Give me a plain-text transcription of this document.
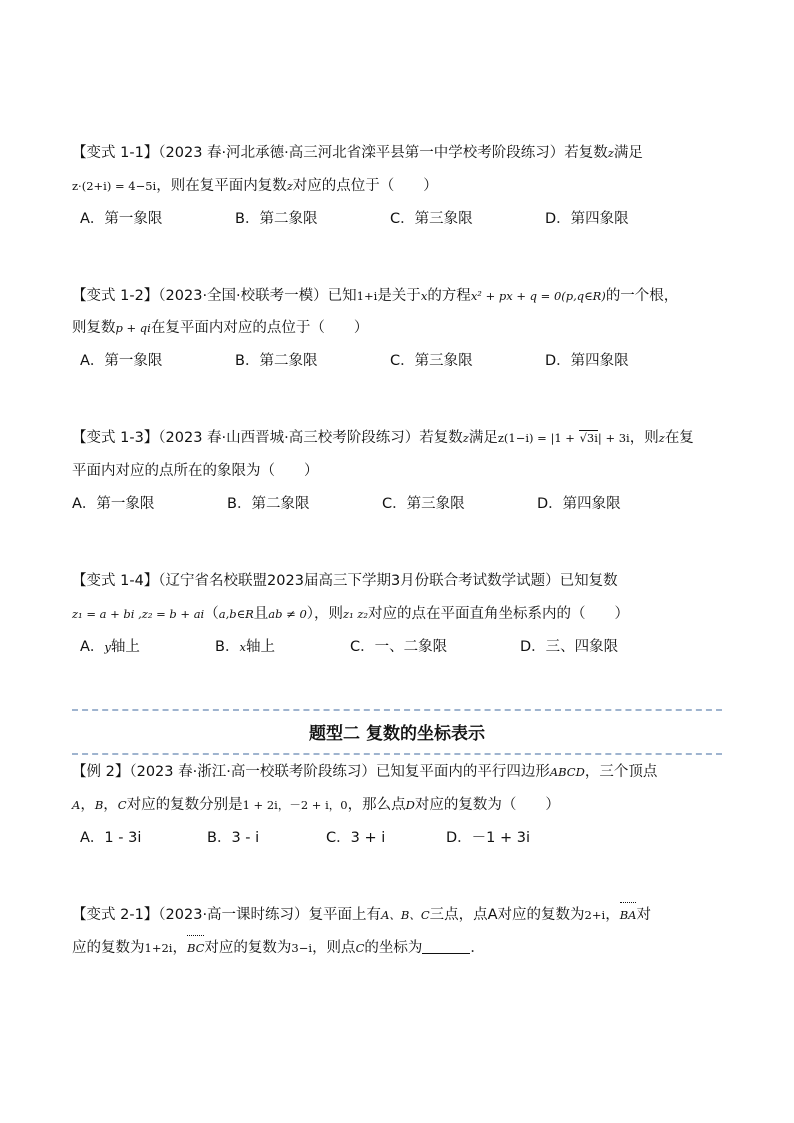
【变式 1-1】（2023 春·河北承德·高三河北省滦平县第一中学校考阶段练习）若复数z满足
z·(2+i) = 4−5i，则在复平面内复数z对应的点位于（　　）
A．第一象限	B．第二象限	C．第三象限	D．第四象限
【变式 1-2】（2023·全国·校联考一模）已知1+i是关于x的方程x² + px + q = 0(p,q∈R)的一个根，
则复数p + qi在复平面内对应的点位于（　　）
A．第一象限	B．第二象限	C．第三象限	D．第四象限
【变式 1-3】（2023 春·山西晋城·高三校考阶段练习）若复数z满足z(1−i) = |1 + √3i| + 3i，则z在复
平面内对应的点所在的象限为（　　）
A．第一象限	B．第二象限	C．第三象限	D．第四象限
【变式 1-4】（辽宁省名校联盟2023届高三下学期3月份联合考试数学试题）已知复数
z₁ = a + bi ,z₂ = b + ai（a,b∈R且ab ≠ 0），则z₁ z₂对应的点在平面直角坐标系内的（　　）
A．y轴上	B．x轴上	C．一、二象限	D．三、四象限
题型二 复数的坐标表示
【例 2】（2023 春·浙江·高一校联考阶段练习）已知复平面内的平行四边形ABCD，三个顶点
A，B，C对应的复数分别是1 + 2i，－2 + i，0，那么点D对应的复数为（　　）
A．1 - 3i	B．3 - i	C．3 + i	D．－1 + 3i
【变式 2-1】（2023·高一课时练习）复平面上有A、B、C三点，点A对应的复数为2+i，BA对
应的复数为1+2i，BC对应的复数为3−i，则点C的坐标为	．
